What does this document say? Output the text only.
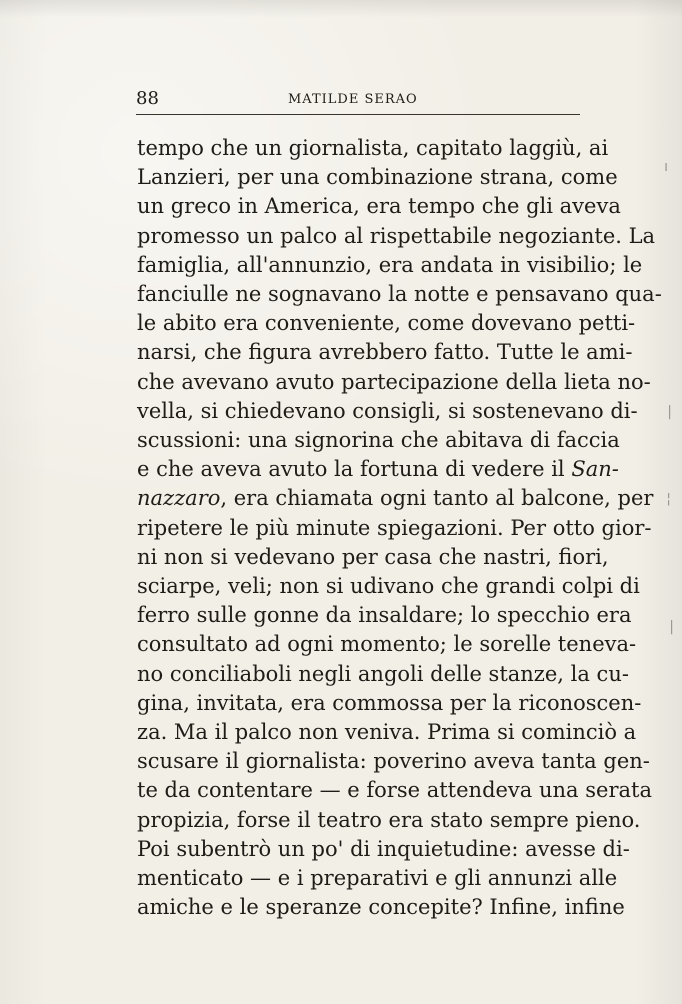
88	MATILDE SERAO
tempo che un giornalista, capitato laggiù, ai
Lanzieri, per una combinazione strana, come
un greco in America, era tempo che gli aveva
promesso un palco al rispettabile negoziante. La
famiglia, all'annunzio, era andata in visibilio; le
fanciulle ne sognavano la notte e pensavano qua-
le abito era conveniente, come dovevano petti-
narsi, che figura avrebbero fatto. Tutte le ami-
che avevano avuto partecipazione della lieta no-
vella, si chiedevano consigli, si sostenevano di-
scussioni: una signorina che abitava di faccia
e che aveva avuto la fortuna di vedere il San-
nazzaro, era chiamata ogni tanto al balcone, per
ripetere le più minute spiegazioni. Per otto gior-
ni non si vedevano per casa che nastri, fiori,
sciarpe, veli; non si udivano che grandi colpi di
ferro sulle gonne da insaldare; lo specchio era
consultato ad ogni momento; le sorelle teneva-
no conciliaboli negli angoli delle stanze, la cu-
gina, invitata, era commossa per la riconoscen-
za. Ma il palco non veniva. Prima si cominciò a
scusare il giornalista: poverino aveva tanta gen-
te da contentare — e forse attendeva una serata
propizia, forse il teatro era stato sempre pieno.
Poi subentrò un po' di inquietudine: avesse di-
menticato — e i preparativi e gli annunzi alle
amiche e le speranze concepite? Infine, infine
ı
|
¦
|
